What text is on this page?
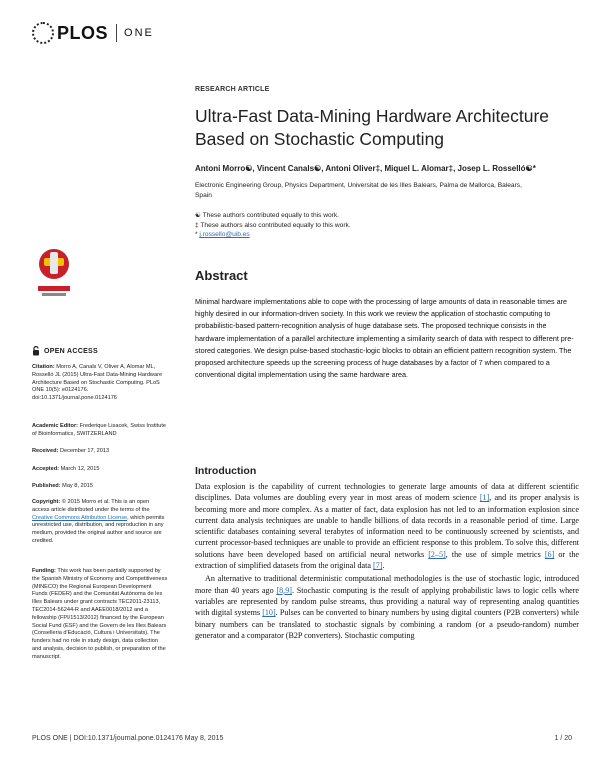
PLOS ONE
OPEN ACCESS
Citation: Morro A, Canals V, Oliver A, Alomar ML, Rosselló JL (2015) Ultra-Fast Data-Mining Hardware Architecture Based on Stochastic Computing. PLoS ONE 10(5): e0124176. doi:10.1371/journal.pone.0124176
Academic Editor: Frederique Lisacek, Swiss Institute of Bioinformatics, SWITZERLAND
Received: December 17, 2013
Accepted: March 12, 2015
Published: May 8, 2015
Copyright: © 2015 Morro et al. This is an open access article distributed under the terms of the Creative Commons Attribution License, which permits unrestricted use, distribution, and reproduction in any medium, provided the original author and source are credited.
Funding: This work has been partially supported by the Spanish Ministry of Economy and Competitiveness (MINECO) the Regional European Development Funds (FEDER) and the Comunitat Autònoma de les Illes Balears under grant contracts TEC2011-23113, TEC2014-56244-R and AAEE0018/2012 and a fellowship (FPI/1513/2012) financed by the European Social Fund (ESF) and the Govern de les Illes Balears (Conselleria d'Educació, Cultura i Universitats). The funders had no role in study design, data collection and analysis, decision to publish, or preparation of the manuscript.
RESEARCH ARTICLE
Ultra-Fast Data-Mining Hardware Architecture Based on Stochastic Computing
Antoni Morro☯, Vincent Canals☯, Antoni Oliver‡, Miquel L. Alomar‡, Josep L. Rosselló☯*
Electronic Engineering Group, Physics Department, Universitat de les Illes Balears, Palma de Mallorca, Balears, Spain
☯ These authors contributed equally to this work.
‡ These authors also contributed equally to this work.
* j.rossello@uib.es
Abstract
Minimal hardware implementations able to cope with the processing of large amounts of data in reasonable times are highly desired in our information-driven society. In this work we review the application of stochastic computing to probabilistic-based pattern-recognition analysis of huge database sets. The proposed technique consists in the hardware implementation of a parallel architecture implementing a similarity search of data with respect to different pre-stored categories. We design pulse-based stochastic-logic blocks to obtain an efficient pattern recognition system. The proposed architecture speeds up the screening process of huge databases by a factor of 7 when compared to a conventional digital implementation using the same hardware area.
Introduction

Data explosion is the capability of current technologies to generate large amounts of data at different scientific disciplines. Data volumes are doubling every year in most areas of modern science [1], and its proper analysis is becoming more and more complex. As a matter of fact, data explosion has not led to an information explosion since current data analysis techniques are unable to handle billions of data records in a reasonable period of time. Large scientific databases containing several terabytes of information need to be continuously screened by scientists, and current processor-based techniques are unable to provide an efficient response to this problem. To solve this, different solutions have been developed based on artificial neural networks [2–5], the use of simple metrics [6] or the extraction of simplified datasets from the original data [7].

An alternative to traditional deterministic computational methodologies is the use of stochastic logic, introduced more than 40 years ago [8,9]. Stochastic computing is the result of applying probabilistic laws to logic cells where variables are represented by random pulse streams, thus providing a natural way of representing analog quantities with digital systems [10]. Pulses can be converted to binary numbers by using digital counters (P2B converters) while binary numbers can be translated to stochastic signals by combining a random (or a pseudo-random) number generator and a comparator (B2P converters). Stochastic computing

PLOS ONE | DOI:10.1371/journal.pone.0124176 May 8, 2015	1 / 20
